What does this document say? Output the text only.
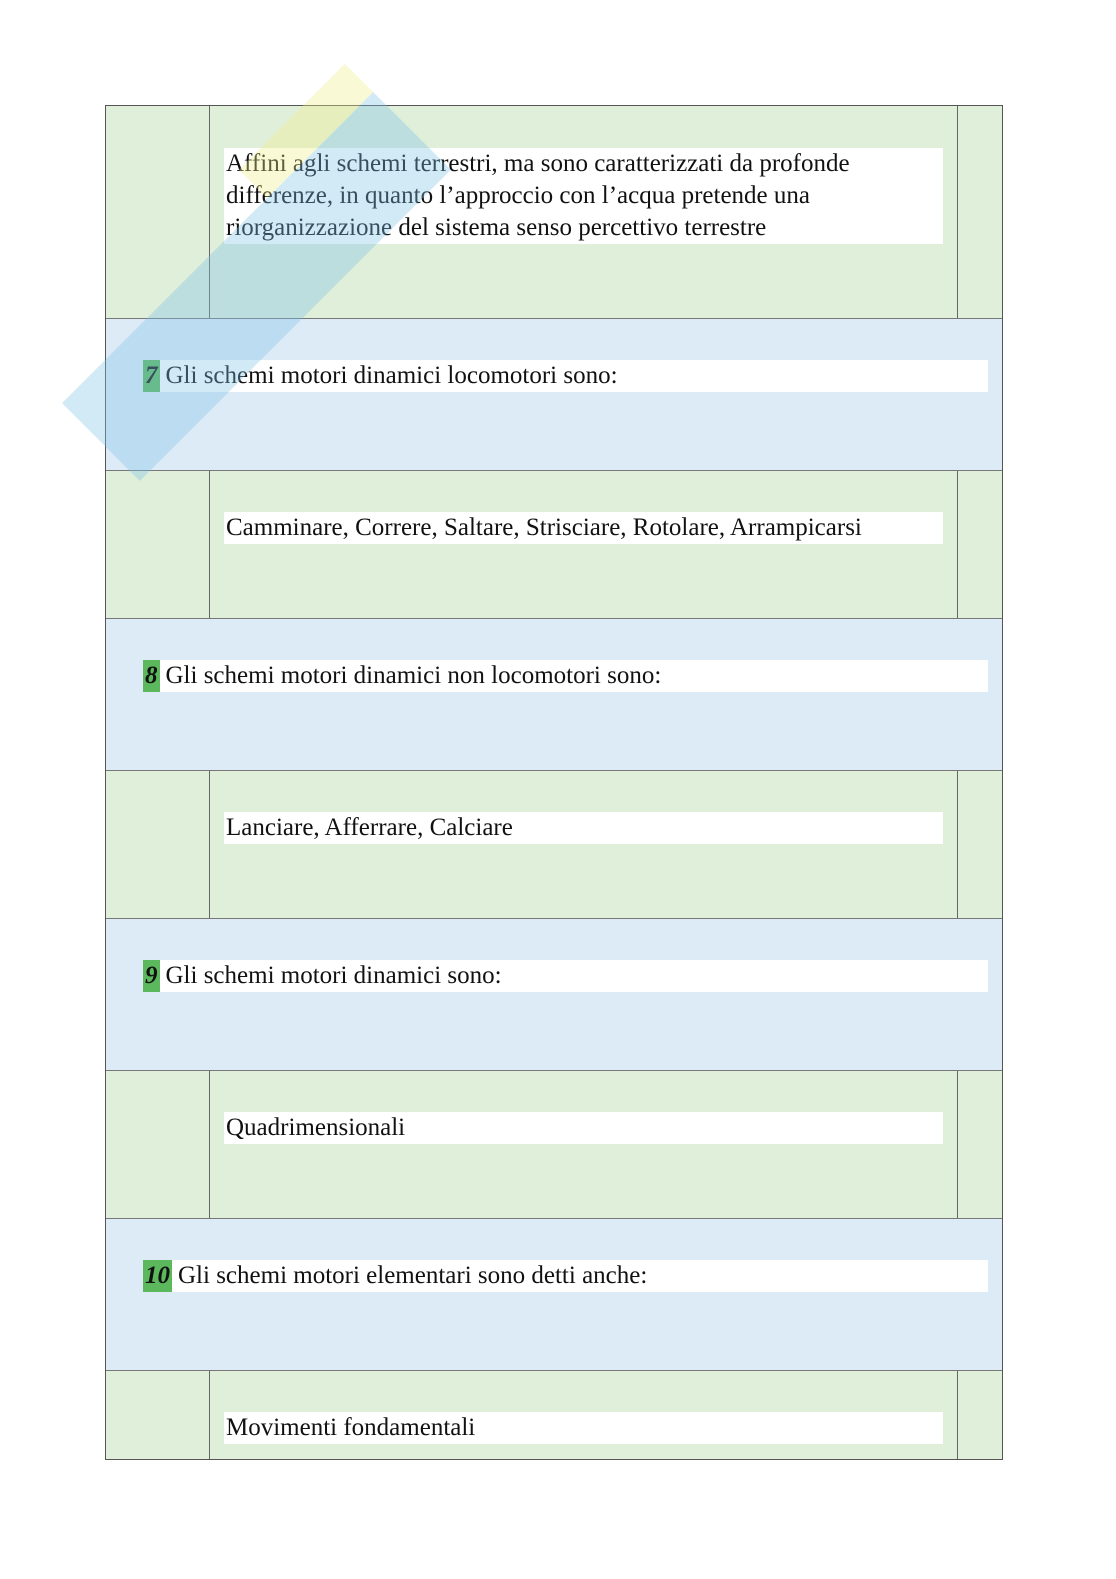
Affini agli schemi terrestri, ma sono caratterizzati da profonde differenze, in quanto l’approccio con l’acqua pretende una riorganizzazione del sistema senso percettivo terrestre
7 Gli schemi motori dinamici locomotori sono:
Camminare, Correre, Saltare, Strisciare, Rotolare, Arrampicarsi
8 Gli schemi motori dinamici non locomotori sono:
Lanciare, Afferrare, Calciare
9 Gli schemi motori dinamici sono:
Quadrimensionali
10 Gli schemi motori elementari sono detti anche:
Movimenti fondamentali
